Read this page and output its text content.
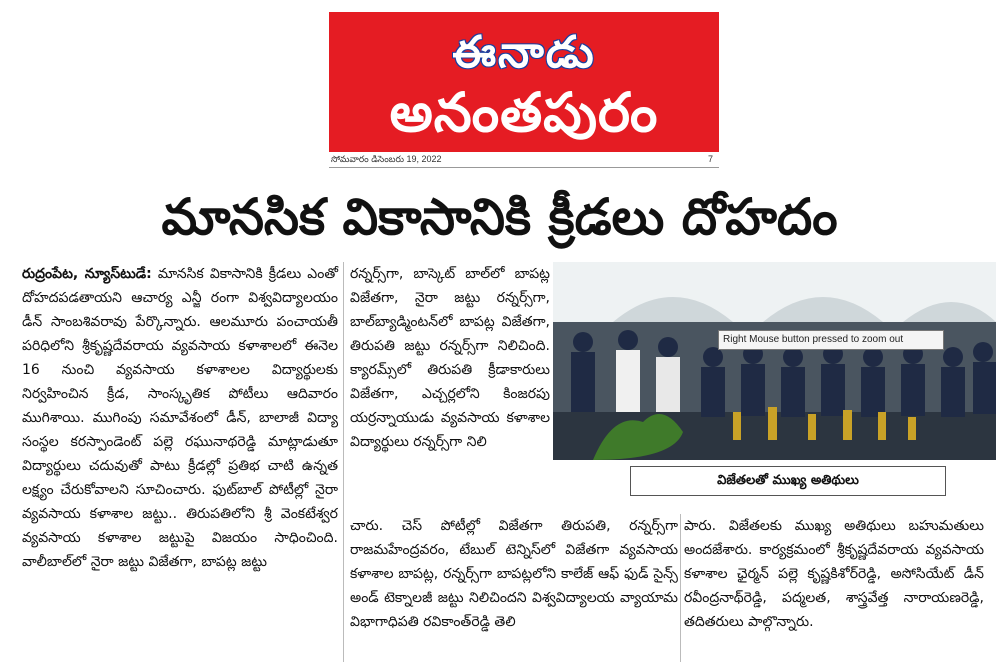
ఈనాడు
అనంతపురం
సోమవారం డిసెంబరు 19, 2022	7
మానసిక వికాసానికి క్రీడలు దోహదం

రుద్రంపేట, న్యూస్‌టుడే: మానసిక వికాసానికి క్రీడలు ఎంతో దోహదపడతాయని ఆచార్య ఎన్జీ రంగా విశ్వవిద్యాలయం డీన్ సాంబశివరావు పేర్కొన్నారు. ఆలమూరు పంచాయతీ పరిధిలోని శ్రీకృష్ణదేవరాయ వ్యవసాయ కళాశాలలో ఈనెల 16 నుంచి వ్యవసాయ కళాశాలల విద్యార్థులకు నిర్వహించిన క్రీడ, సాంస్కృతిక పోటీలు ఆదివారం ముగిశాయి. ముగింపు సమావేశంలో డీన్, బాలాజీ విద్యా సంస్థల కరస్పాండెంట్ పల్లె రఘునాథరెడ్డి మాట్లాడుతూ విద్యార్థులు చదువుతో పాటు క్రీడల్లో ప్రతిభ చాటి ఉన్నత లక్ష్యం చేరుకోవాలని సూచించారు. ఫుట్‌బాల్ పోటీల్లో నైరా వ్యవసాయ కళాశాల జట్టు.. తిరుపతిలోని శ్రీ వెంకటేశ్వర వ్యవసాయ కళాశాల జట్టుపై విజయం సాధించింది. వాలీబాల్‌లో నైరా జట్టు విజేతగా, బాపట్ల జట్టు

రన్నర్స్‌గా, బాస్కెట్ బాల్‌లో బాపట్ల విజేతగా, నైరా జట్టు రన్నర్స్‌గా, బాల్‌బ్యాడ్మింటన్‌లో బాపట్ల విజేతగా, తిరుపతి జట్టు రన్నర్స్‌గా నిలిచింది. క్యారమ్స్‌లో తిరుపతి క్రీడాకారులు విజేతగా, ఎచ్చర్లలోని కింజరపు యర్రన్నాయుడు వ్యవసాయ కళాశాల విద్యార్థులు రన్నర్స్‌గా నిలి

Right Mouse button pressed to zoom out
విజేతలతో ముఖ్య అతిథులు

చారు. చెస్ పోటీల్లో విజేతగా తిరుపతి, రన్నర్స్‌గా రాజమహేంద్రవరం, టేబుల్ టెన్నిస్‌లో విజేతగా వ్యవసాయ కళాశాల బాపట్ల, రన్నర్స్‌గా బాపట్లలోని కాలేజ్ ఆఫ్ ఫుడ్ సైన్స్ అండ్ టెక్నాలజీ జట్టు నిలిచిందని విశ్వవిద్యాలయ వ్యాయామ విభాగాధిపతి రవికాంత్‌రెడ్డి తెలి

పారు. విజేతలకు ముఖ్య అతిథులు బహుమతులు అందజేశారు. కార్యక్రమంలో శ్రీకృష్ణదేవరాయ వ్యవసాయ కళాశాల ఛైర్మన్ పల్లె కృష్ణకిశోర్‌రెడ్డి, అసోసియేట్ డీన్ రవీంద్రనాథ్‌రెడ్డి, పద్మలత, శాస్త్రవేత్త నారాయణరెడ్డి, తదితరులు పాల్గొన్నారు.
